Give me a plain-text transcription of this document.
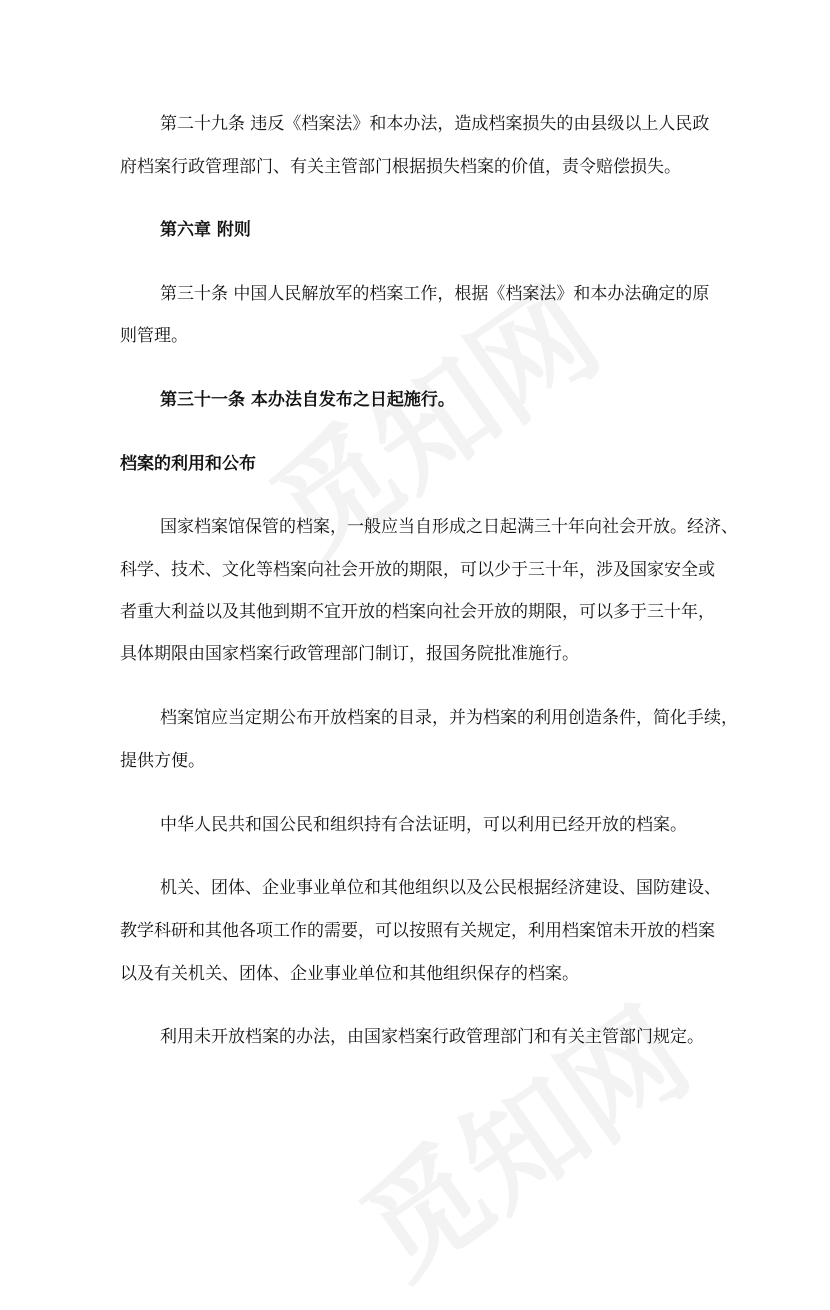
第二十九条 违反《档案法》和本办法，造成档案损失的由县级以上人民政
府档案行政管理部门、有关主管部门根据损失档案的价值，责令赔偿损失。
第六章 附则
第三十条 中国人民解放军的档案工作，根据《档案法》和本办法确定的原
则管理。
第三十一条 本办法自发布之日起施行。
档案的利用和公布
国家档案馆保管的档案，一般应当自形成之日起满三十年向社会开放。经济、
科学、技术、文化等档案向社会开放的期限，可以少于三十年，涉及国家安全或
者重大利益以及其他到期不宜开放的档案向社会开放的期限，可以多于三十年，
具体期限由国家档案行政管理部门制订，报国务院批准施行。
档案馆应当定期公布开放档案的目录，并为档案的利用创造条件，简化手续，
提供方便。
中华人民共和国公民和组织持有合法证明，可以利用已经开放的档案。
机关、团体、企业事业单位和其他组织以及公民根据经济建设、国防建设、
教学科研和其他各项工作的需要，可以按照有关规定，利用档案馆未开放的档案
以及有关机关、团体、企业事业单位和其他组织保存的档案。
利用未开放档案的办法，由国家档案行政管理部门和有关主管部门规定。
